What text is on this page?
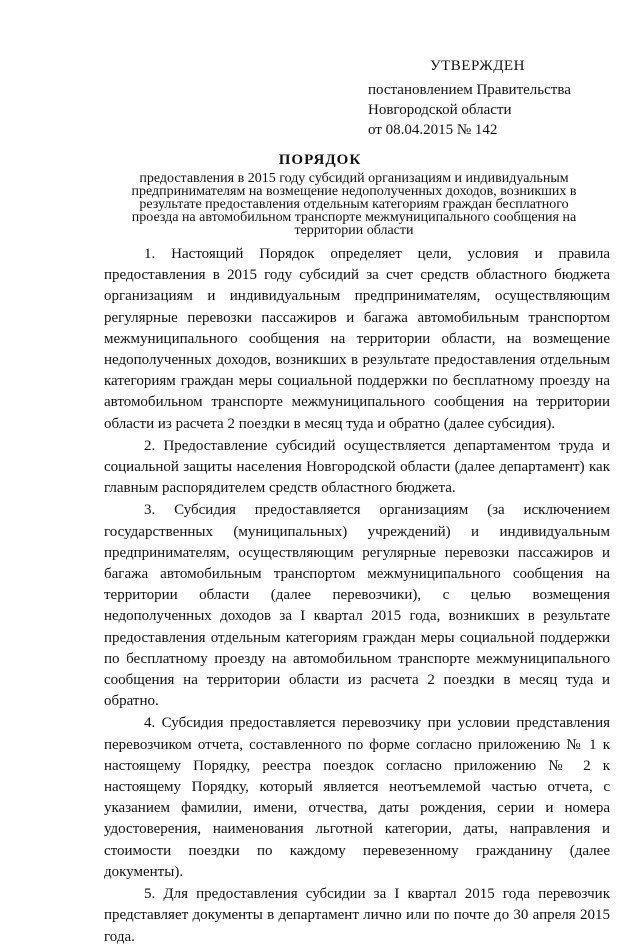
УТВЕРЖДЕН
постановлением Правительства
Новгородской области
от 08.04.2015 № 142
ПОРЯДОК
предоставления в 2015 году субсидий организациям и индивидуальным предпринимателям на возмещение недополученных доходов, возникших в результате предоставления отдельным категориям граждан бесплатного проезда на автомобильном транспорте межмуниципального сообщения на территории области

1. Настоящий Порядок определяет цели, условия и правила предоставления в 2015 году субсидий за счет средств областного бюджета организациям и индивидуальным предпринимателям, осуществляющим регулярные перевозки пассажиров и багажа автомобильным транспортом межмуниципального сообщения на территории области, на возмещение недополученных доходов, возникших в результате предоставления отдельным категориям граждан меры социальной поддержки по бесплатному проезду на автомобильном транспорте межмуниципального сообщения на территории области из расчета 2 поездки в месяц туда и обратно (далее субсидия).

2. Предоставление субсидий осуществляется департаментом труда и социальной защиты населения Новгородской области (далее департамент) как главным распорядителем средств областного бюджета.

3. Субсидия предоставляется организациям (за исключением государственных (муниципальных) учреждений) и индивидуальным предпринимателям, осуществляющим регулярные перевозки пассажиров и багажа автомобильным транспортом межмуниципального сообщения на территории области (далее перевозчики), с целью возмещения недополученных доходов за I квартал 2015 года, возникших в результате предоставления отдельным категориям граждан меры социальной поддержки по бесплатному проезду на автомобильном транспорте межмуниципального сообщения на территории области из расчета 2 поездки в месяц туда и обратно.

4. Субсидия предоставляется перевозчику при условии представления перевозчиком отчета, составленного по форме согласно приложению № 1 к настоящему Порядку, реестра поездок согласно приложению № 2 к настоящему Порядку, который является неотъемлемой частью отчета, с указанием фамилии, имени, отчества, даты рождения, серии и номера удостоверения, наименования льготной категории, даты, направления и стоимости поездки по каждому перевезенному гражданину (далее документы).

5. Для предоставления субсидии за I квартал 2015 года перевозчик представляет документы в департамент лично или по почте до 30 апреля 2015 года.
